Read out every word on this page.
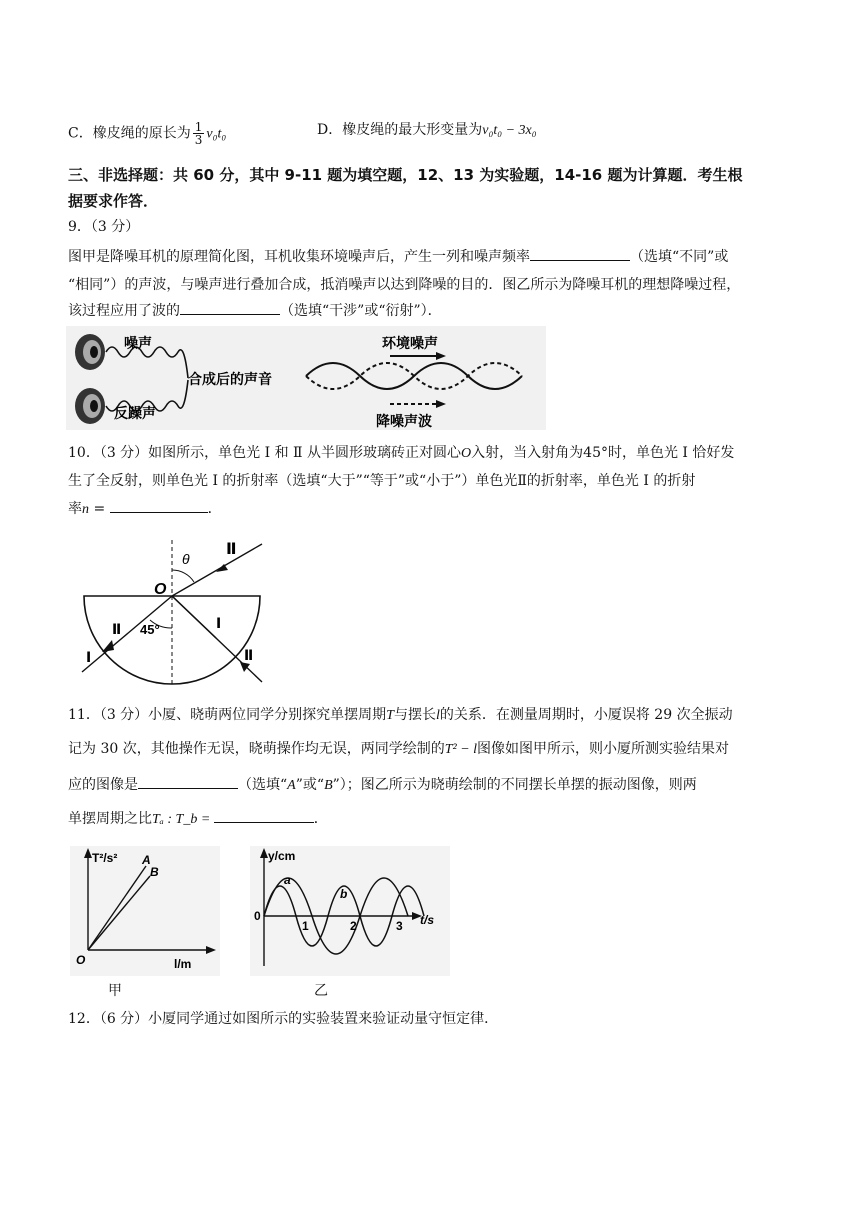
C．橡皮绳的原长为 $\frac{1}{3} v_0t_0$	D．橡皮绳的最大形变量为v₀t₀ − 3x₀
三、非选择题：共 60 分，其中 9-11 题为填空题，12、13 为实验题，14-16 题为计算题．考生根
据要求作答．
9．（3 分）
图甲是降噪耳机的原理简化图，耳机收集环境噪声后，产生一列和噪声频率	（选填“不同”或
“相同”）的声波，与噪声进行叠加合成，抵消噪声以达到降噪的目的．图乙所示为降噪耳机的理想降噪过程，
该过程应用了波的	（选填“干涉”或“衍射”）．
噪声
合成后的声音
反躁声
环境噪声
降噪声波
10．（3 分）如图所示，单色光 Ⅰ 和 Ⅱ 从半圆形玻璃砖正对圆心O入射，当入射角为45°时，单色光 Ⅰ 恰好发
生了全反射，则单色光 Ⅰ 的折射率（选填“大于”“等于”或“小于”）单色光Ⅱ的折射率，单色光 Ⅰ 的折射
率n =	．
θ
O
Ⅱ
45°
Ⅱ
Ⅰ
Ⅰ
Ⅱ
11．（3 分）小厦、晓萌两位同学分别探究单摆周期T与摆长l的关系．在测量周期时，小厦误将 29 次全振动
记为 30 次，其他操作无误，晓萌操作均无误，两同学绘制的T² − l图像如图甲所示，则小厦所测实验结果对
应的图像是	（选填“A”或“B”）；图乙所示为晓萌绘制的不同摆长单摆的振动图像，则两
单摆周期之比Tₐ : T_b =	．
T²/s² A
B
O	l/m
甲
y/cm
0
a
b
1	2	3 t/s
乙
12．（6 分）小厦同学通过如图所示的实验装置来验证动量守恒定律．
